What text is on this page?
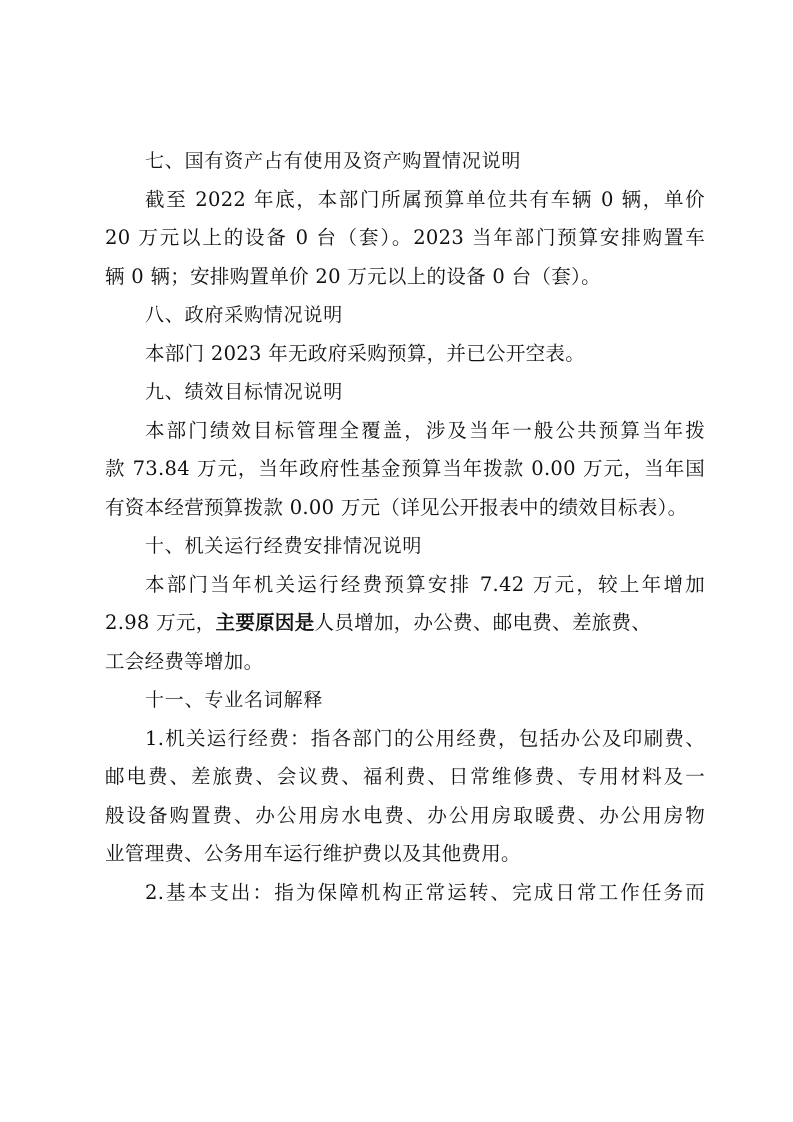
七、国有资产占有使用及资产购置情况说明
截至 2022 年底，本部门所属预算单位共有车辆 0 辆，单价
20 万元以上的设备 0 台（套）。2023 当年部门预算安排购置车
辆 0 辆；安排购置单价 20 万元以上的设备 0 台（套）。
八、政府采购情况说明
本部门 2023 年无政府采购预算，并已公开空表。
九、绩效目标情况说明
本部门绩效目标管理全覆盖，涉及当年一般公共预算当年拨
款 73.84 万元，当年政府性基金预算当年拨款 0.00 万元，当年国
有资本经营预算拨款 0.00 万元（详见公开报表中的绩效目标表）。
十、机关运行经费安排情况说明
本部门当年机关运行经费预算安排 7.42 万元，较上年增加
2.98 万元，主要原因是人员增加，办公费、邮电费、差旅费、
工会经费等增加。
十一、专业名词解释
1.机关运行经费：指各部门的公用经费，包括办公及印刷费、
邮电费、差旅费、会议费、福利费、日常维修费、专用材料及一
般设备购置费、办公用房水电费、办公用房取暖费、办公用房物
业管理费、公务用车运行维护费以及其他费用。
2.基本支出：指为保障机构正常运转、完成日常工作任务而
